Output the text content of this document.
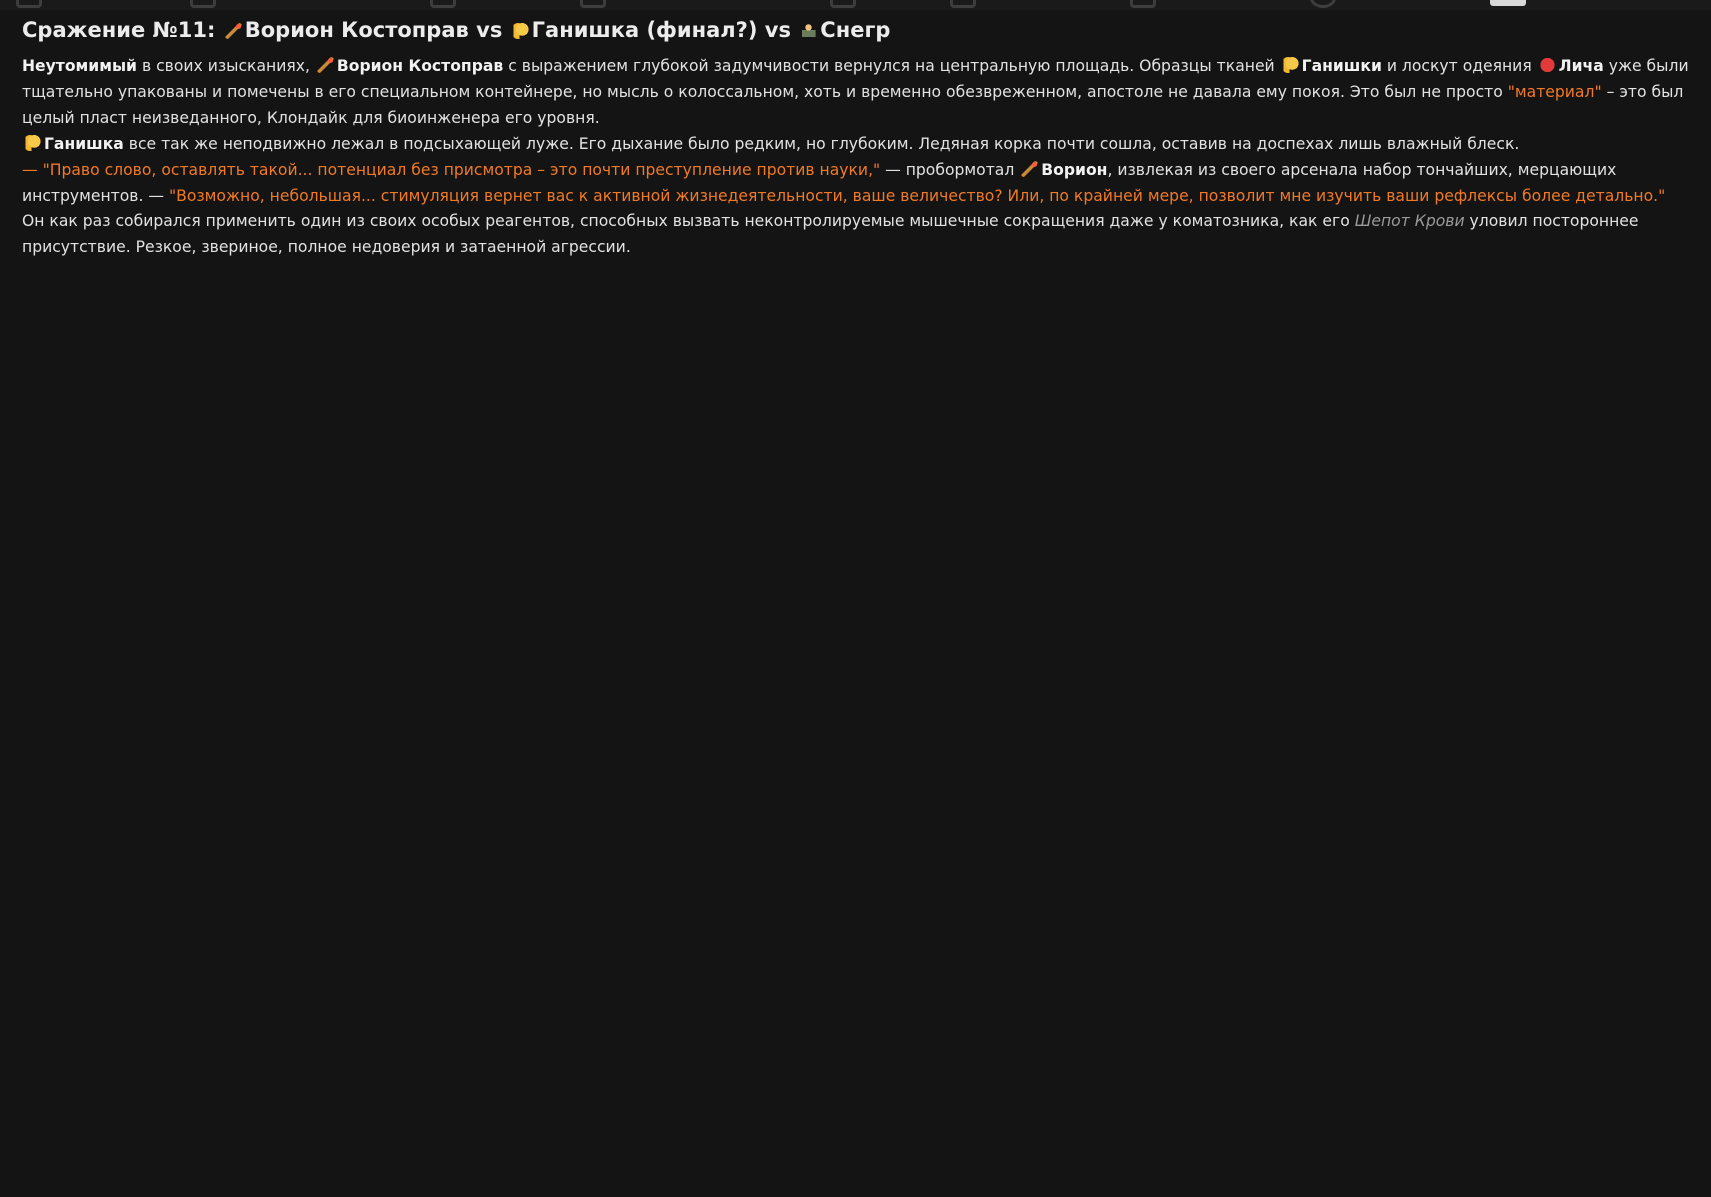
Сражение №11: Ворион Костоправ vs Ганишка (финал?) vs Снегр

Неутомимый в своих изысканиях, Ворион Костоправ с выражением глубокой задумчивости вернулся на центральную площадь. Образцы тканей Ганишки и лоскут одеяния Лича уже были тщательно упакованы и помечены в его специальном контейнере, но мысль о колоссальном, хоть и временно обезвреженном, апостоле не давала ему покоя. Это был не просто "материал" – это был целый пласт неизведанного, Клондайк для биоинженера его уровня.

Ганишка все так же неподвижно лежал в подсыхающей луже. Его дыхание было редким, но глубоким. Ледяная корка почти сошла, оставив на доспехах лишь влажный блеск.

— "Право слово, оставлять такой... потенциал без присмотра – это почти преступление против науки," — пробормотал Ворион, извлекая из своего арсенала набор тончайших, мерцающих инструментов. — "Возможно, небольшая... стимуляция вернет вас к активной жизнедеятельности, ваше величество? Или, по крайней мере, позволит мне изучить ваши рефлексы более детально."

Он как раз собирался применить один из своих особых реагентов, способных вызвать неконтролируемые мышечные сокращения даже у коматозника, как его Шепот Крови уловил постороннее присутствие. Резкое, звериное, полное недоверия и затаенной агрессии.
